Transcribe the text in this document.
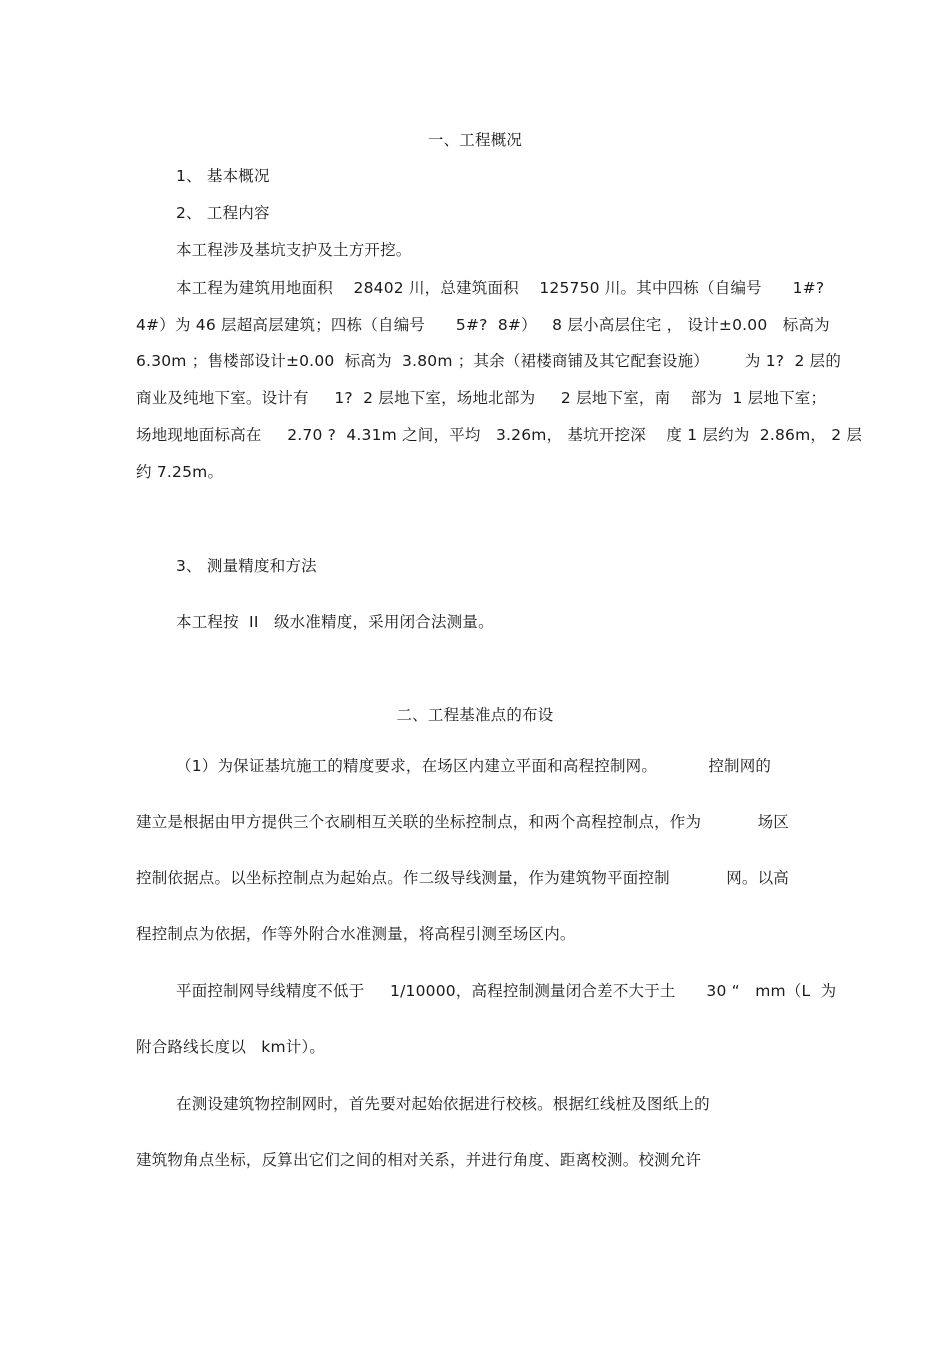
一、工程概况
1、 基本概况
2、 工程内容
本工程涉及基坑支护及土方开挖。
本工程为建筑用地面积    28402 川，总建筑面积    125750 川。其中四栋（自编号      1#?
4#）为 46 层超高层建筑；四栋（自编号      5#?  8#）   8 层小高层住宅 ， 设计±0.00   标高为
6.30m ；售楼部设计±0.00  标高为  3.80m ；其余（裙楼商铺及其它配套设施）       为 1?  2 层的
商业及纯地下室。设计有     1?  2 层地下室，场地北部为     2 层地下室，南    部为  1 层地下室；
场地现地面标高在     2.70 ?  4.31m 之间，平均   3.26m， 基坑开挖深    度 1 层约为  2.86m， 2 层
约 7.25m。
3、 测量精度和方法
本工程按  II   级水准精度，采用闭合法测量。
二、工程基准点的布设
（1）为保证基坑施工的精度要求，在场区内建立平面和高程控制网。          控制网的
建立是根据由甲方提供三个衣刷相互关联的坐标控制点，和两个高程控制点，作为           场区
控制依据点。以坐标控制点为起始点。作二级导线测量，作为建筑物平面控制           网。以高
程控制点为依据，作等外附合水准测量，将高程引测至场区内。
平面控制网导线精度不低于     1/10000，高程控制测量闭合差不大于土      30 “   mm（L  为
附合路线长度以   km计）。
在测设建筑物控制网时，首先要对起始依据进行校核。根据红线桩及图纸上的
建筑物角点坐标，反算出它们之间的相对关系，并进行角度、距离校测。校测允许
